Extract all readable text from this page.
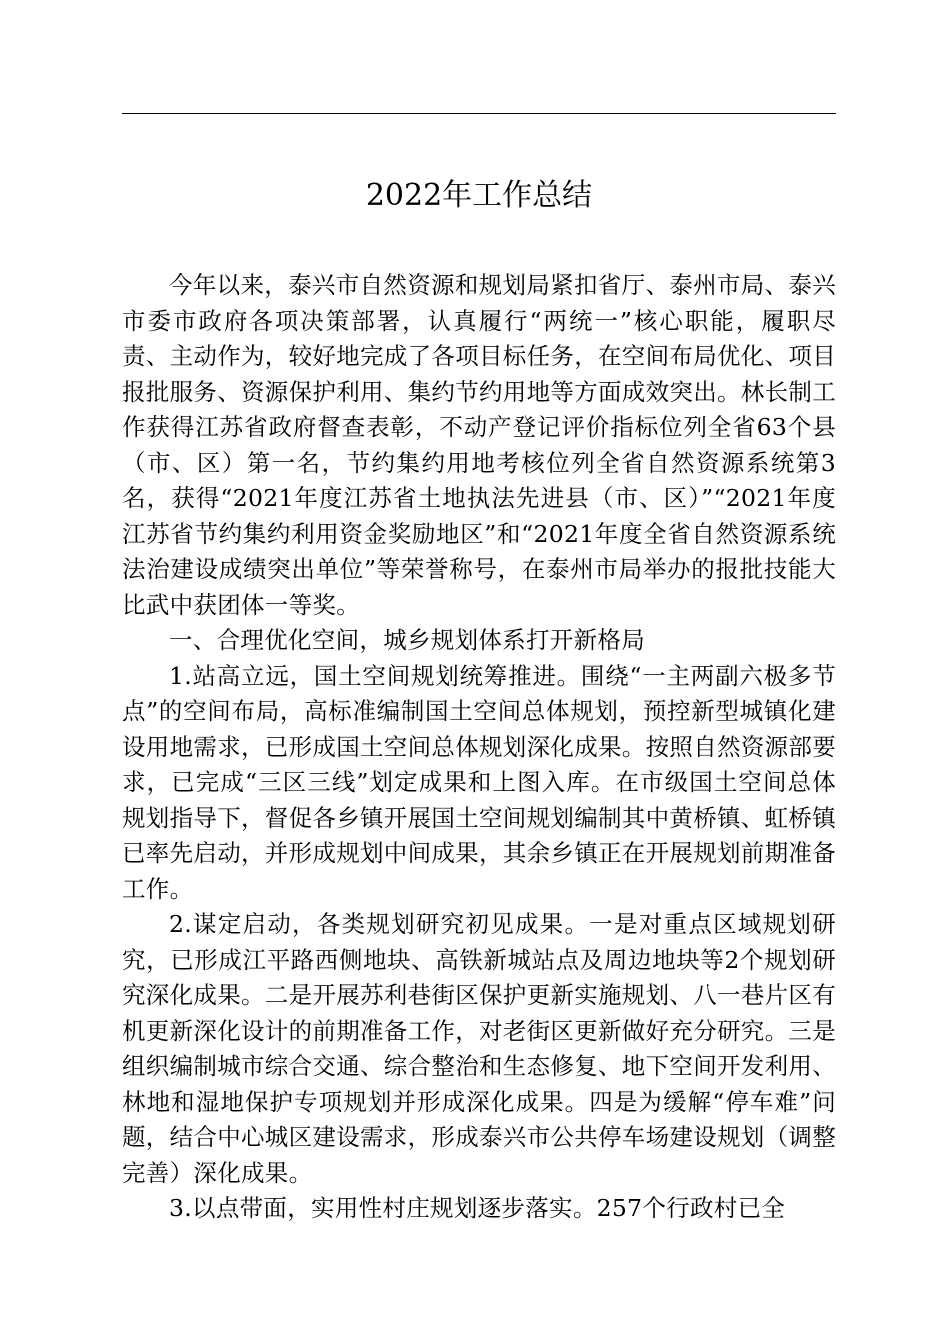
2022年工作总结

今年以来，泰兴市自然资源和规划局紧扣省厅、泰州市局、泰兴市委市政府各项决策部署，认真履行“两统一”核心职能，履职尽责、主动作为，较好地完成了各项目标任务，在空间布局优化、项目报批服务、资源保护利用、集约节约用地等方面成效突出。林长制工作获得江苏省政府督查表彰，不动产登记评价指标位列全省63个县（市、区）第一名，节约集约用地考核位列全省自然资源系统第3名，获得“2021年度江苏省土地执法先进县（市、区）”“2021年度江苏省节约集约利用资金奖励地区”和“2021年度全省自然资源系统法治建设成绩突出单位”等荣誉称号，在泰州市局举办的报批技能大比武中获团体一等奖。

一、合理优化空间，城乡规划体系打开新格局

1.站高立远，国土空间规划统筹推进。围绕“一主两副六极多节点”的空间布局，高标准编制国土空间总体规划，预控新型城镇化建设用地需求，已形成国土空间总体规划深化成果。按照自然资源部要求，已完成“三区三线”划定成果和上图入库。在市级国土空间总体规划指导下，督促各乡镇开展国土空间规划编制其中黄桥镇、虹桥镇已率先启动，并形成规划中间成果，其余乡镇正在开展规划前期准备工作。

2.谋定启动，各类规划研究初见成果。一是对重点区域规划研究，已形成江平路西侧地块、高铁新城站点及周边地块等2个规划研究深化成果。二是开展苏利巷街区保护更新实施规划、八一巷片区有机更新深化设计的前期准备工作，对老街区更新做好充分研究。三是组织编制城市综合交通、综合整治和生态修复、地下空间开发利用、林地和湿地保护专项规划并形成深化成果。四是为缓解“停车难”问题，结合中心城区建设需求，形成泰兴市公共停车场建设规划（调整完善）深化成果。

3.以点带面，实用性村庄规划逐步落实。257个行政村已全
